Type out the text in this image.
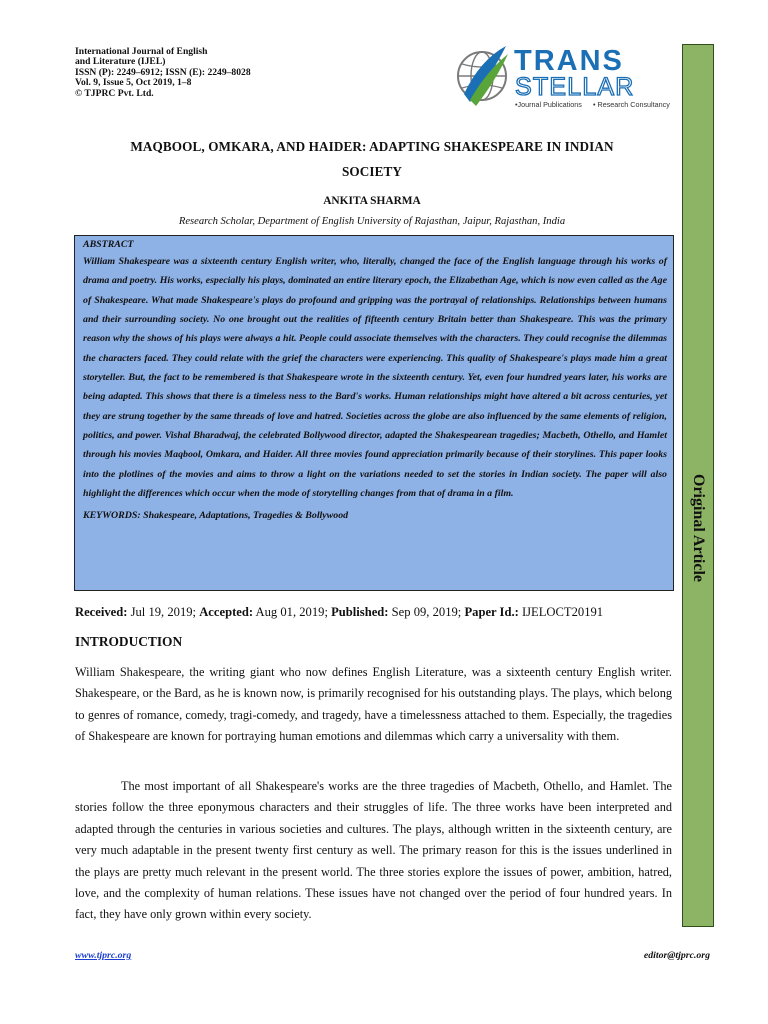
International Journal of English
and Literature (IJEL)
ISSN (P): 2249–6912; ISSN (E): 2249–8028
Vol. 9, Issue 5, Oct 2019, 1–8
© TJPRC Pvt. Ltd.
TRANS
STELLAR
•Journal Publications • Research Consultancy
Original Article
MAQBOOL, OMKARA, AND HAIDER: ADAPTING SHAKESPEARE IN INDIAN
SOCIETY
ANKITA SHARMA
Research Scholar, Department of English University of Rajasthan, Jaipur, Rajasthan, India
ABSTRACT
William Shakespeare was a sixteenth century English writer, who, literally, changed the face of the English language through his works of drama and poetry. His works, especially his plays, dominated an entire literary epoch, the Elizabethan Age, which is now even called as the Age of Shakespeare. What made Shakespeare's plays do profound and gripping was the portrayal of relationships. Relationships between humans and their surrounding society. No one brought out the realities of fifteenth century Britain better than Shakespeare. This was the primary reason why the shows of his plays were always a hit. People could associate themselves with the characters. They could recognise the dilemmas the characters faced. They could relate with the grief the characters were experiencing. This quality of Shakespeare's plays made him a great storyteller. But, the fact to be remembered is that Shakespeare wrote in the sixteenth century. Yet, even four hundred years later, his works are being adapted. This shows that there is a timeless ness to the Bard's works. Human relationships might have altered a bit across centuries, yet they are strung together by the same threads of love and hatred. Societies across the globe are also influenced by the same elements of religion, politics, and power. Vishal Bharadwaj, the celebrated Bollywood director, adapted the Shakespearean tragedies; Macbeth, Othello, and Hamlet through his movies Maqbool, Omkara, and Haider. All three movies found appreciation primarily because of their storylines. This paper looks into the plotlines of the movies and aims to throw a light on the variations needed to set the stories in Indian society. The paper will also highlight the differences which occur when the mode of storytelling changes from that of drama in a film.
KEYWORDS: Shakespeare, Adaptations, Tragedies & Bollywood
Received: Jul 19, 2019; Accepted: Aug 01, 2019; Published: Sep 09, 2019; Paper Id.: IJELOCT20191
INTRODUCTION
William Shakespeare, the writing giant who now defines English Literature, was a sixteenth century English writer. Shakespeare, or the Bard, as he is known now, is primarily recognised for his outstanding plays. The plays, which belong to genres of romance, comedy, tragi-comedy, and tragedy, have a timelessness attached to them. Especially, the tragedies of Shakespeare are known for portraying human emotions and dilemmas which carry a universality with them.
The most important of all Shakespeare's works are the three tragedies of Macbeth, Othello, and Hamlet. The stories follow the three eponymous characters and their struggles of life. The three works have been interpreted and adapted through the centuries in various societies and cultures. The plays, although written in the sixteenth century, are very much adaptable in the present twenty first century as well. The primary reason for this is the issues underlined in the plays are pretty much relevant in the present world. The three stories explore the issues of power, ambition, hatred, love, and the complexity of human relations. These issues have not changed over the period of four hundred years. In fact, they have only grown within every society.
www.tjprc.org	editor@tjprc.org
